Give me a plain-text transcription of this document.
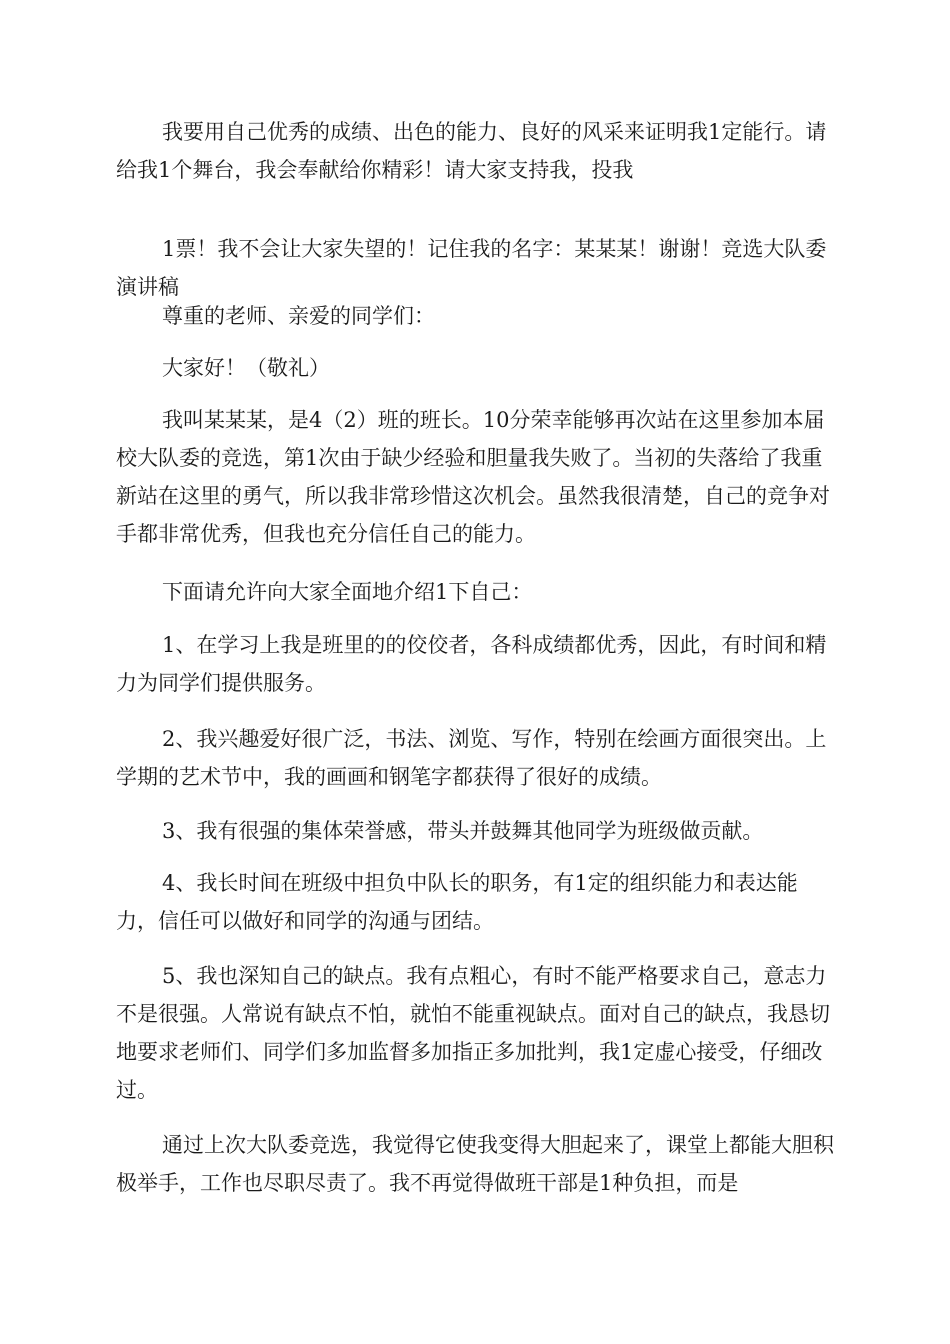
我要用自己优秀的成绩、出色的能力、良好的风采来证明我1定能行。请给我1个舞台，我会奉献给你精彩！请大家支持我，投我

1票！我不会让大家失望的！记住我的名字：某某某！谢谢！竞选大队委演讲稿

尊重的老师、亲爱的同学们：

大家好！（敬礼）

我叫某某某，是4（2）班的班长。10分荣幸能够再次站在这里参加本届校大队委的竞选，第1次由于缺少经验和胆量我失败了。当初的失落给了我重新站在这里的勇气，所以我非常珍惜这次机会。虽然我很清楚，自己的竞争对手都非常优秀，但我也充分信任自己的能力。

下面请允许向大家全面地介绍1下自己：

1、在学习上我是班里的的佼佼者，各科成绩都优秀，因此，有时间和精力为同学们提供服务。

2、我兴趣爱好很广泛，书法、浏览、写作，特别在绘画方面很突出。上学期的艺术节中，我的画画和钢笔字都获得了很好的成绩。

3、我有很强的集体荣誉感，带头并鼓舞其他同学为班级做贡献。

4、我长时间在班级中担负中队长的职务，有1定的组织能力和表达能力，信任可以做好和同学的沟通与团结。

5、我也深知自己的缺点。我有点粗心，有时不能严格要求自己，意志力不是很强。人常说有缺点不怕，就怕不能重视缺点。面对自己的缺点，我恳切地要求老师们、同学们多加监督多加指正多加批判，我1定虚心接受，仔细改过。

通过上次大队委竞选，我觉得它使我变得大胆起来了，课堂上都能大胆积极举手，工作也尽职尽责了。我不再觉得做班干部是1种负担，而是
